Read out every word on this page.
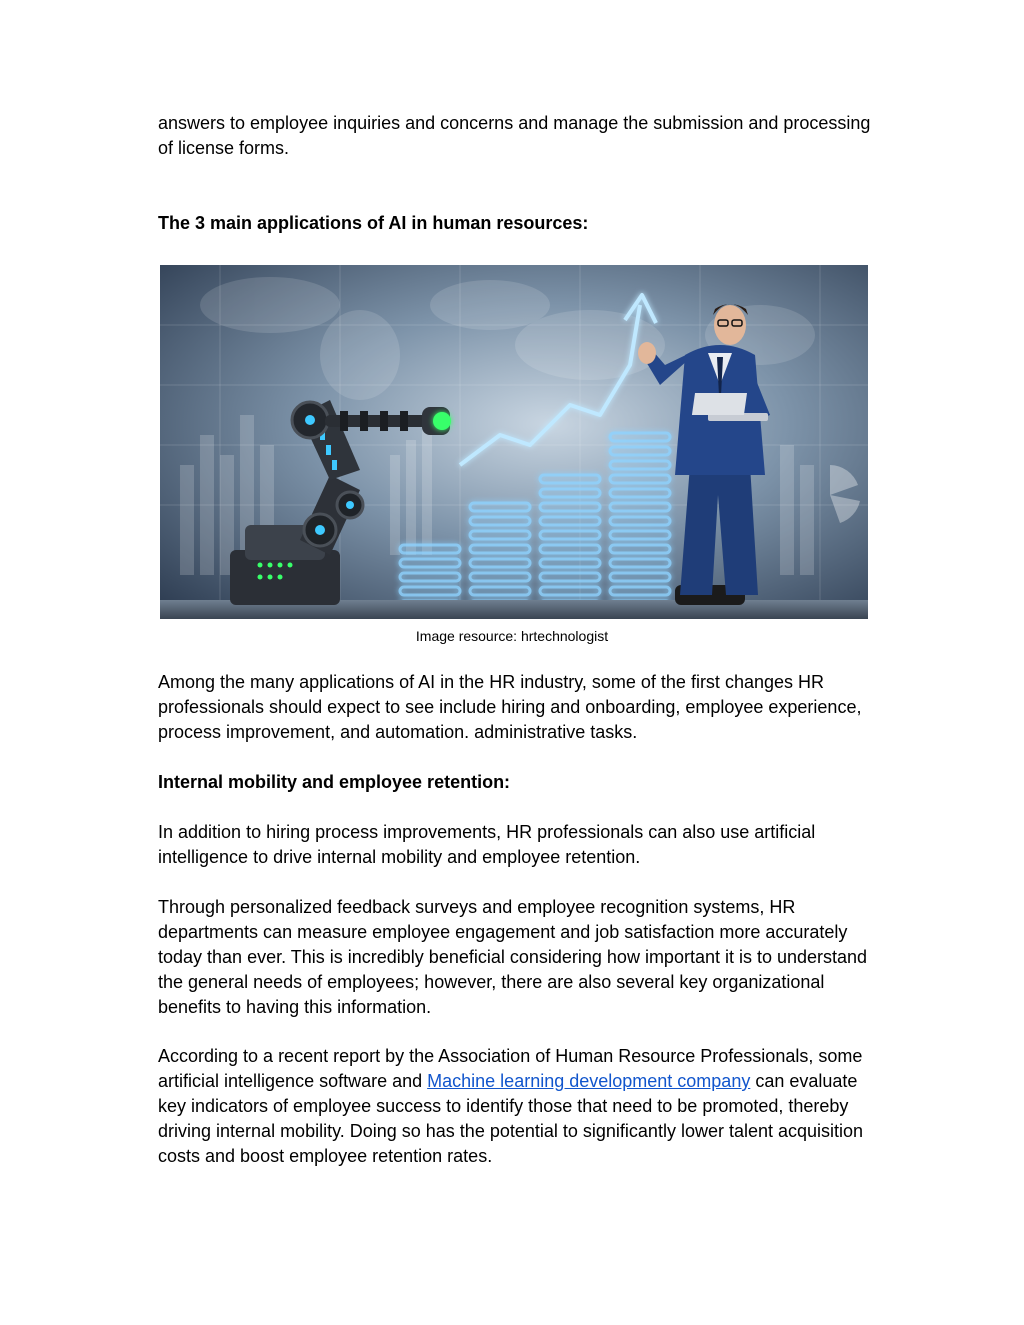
answers to employee inquiries and concerns and manage the submission and processing of license forms.

The 3 main applications of AI in human resources:

Image resource: hrtechnologist

Among the many applications of AI in the HR industry, some of the first changes HR professionals should expect to see include hiring and onboarding, employee experience, process improvement, and automation. administrative tasks.

Internal mobility and employee retention:

In addition to hiring process improvements, HR professionals can also use artificial intelligence to drive internal mobility and employee retention.

Through personalized feedback surveys and employee recognition systems, HR departments can measure employee engagement and job satisfaction more accurately today than ever. This is incredibly beneficial considering how important it is to understand the general needs of employees; however, there are also several key organizational benefits to having this information.

According to a recent report by the Association of Human Resource Professionals, some artificial intelligence software and Machine learning development company can evaluate key indicators of employee success to identify those that need to be promoted, thereby driving internal mobility. Doing so has the potential to significantly lower talent acquisition costs and boost employee retention rates.
